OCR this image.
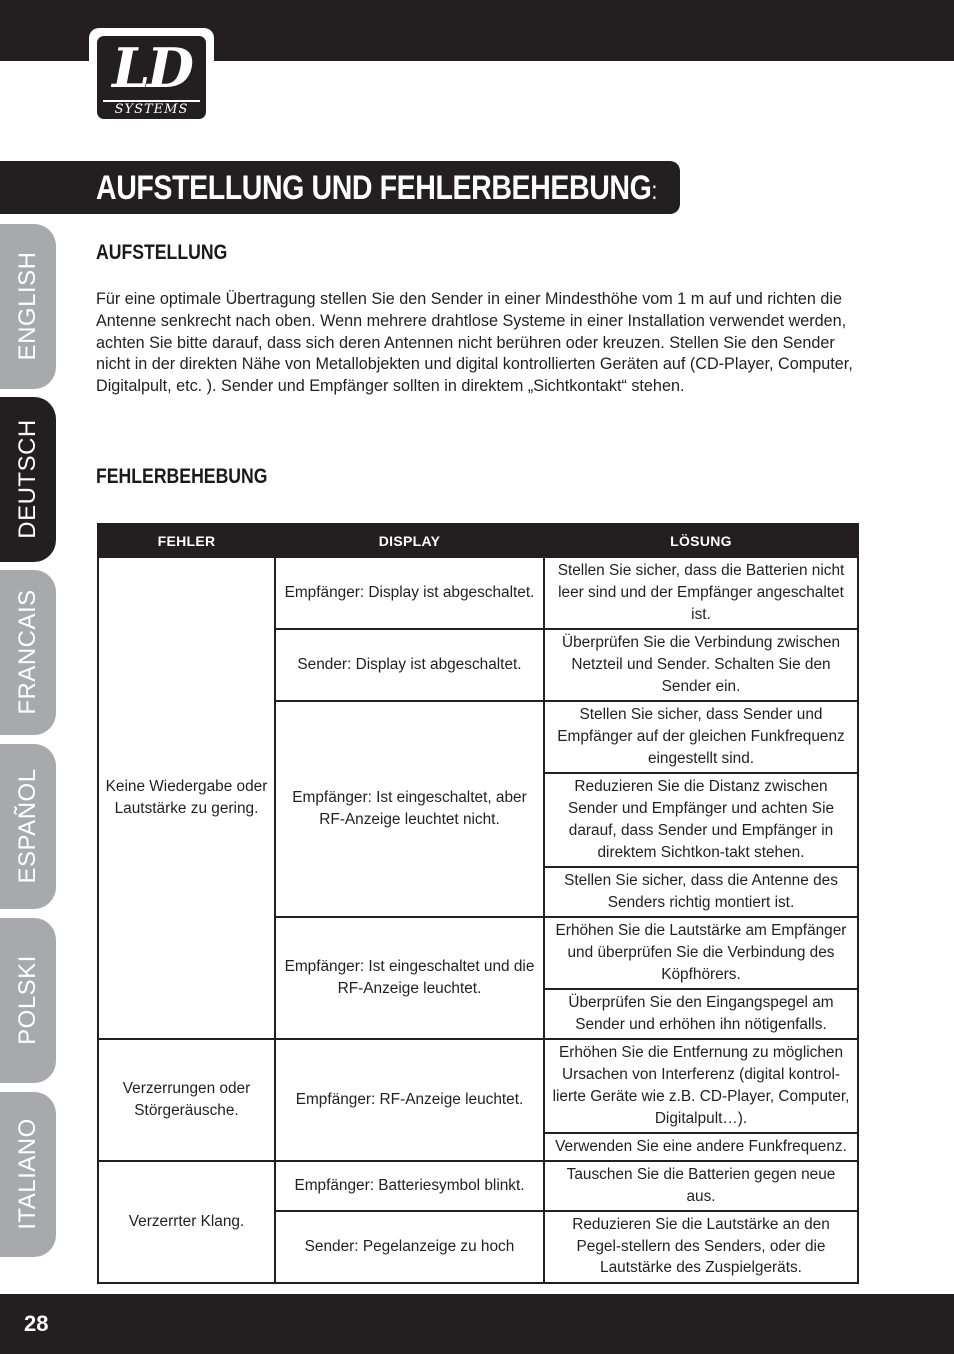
LD
SYSTEMS
AUFSTELLUNG UND FEHLERBEHEBUNG:
ENGLISH
DEUTSCH
FRANCAIS
ESPAÑOL
POLSKI
ITALIANO
AUFSTELLUNG

Für eine optimale Übertragung stellen Sie den Sender in einer Mindesthöhe vom 1 m auf und richten die Antenne senkrecht nach oben. Wenn mehrere drahtlose Systeme in einer Installation verwendet werden, achten Sie bitte darauf, dass sich deren Antennen nicht berühren oder kreuzen. Stellen Sie den Sender nicht in der direkten Nähe von Metallobjekten und digital kontrollierten Geräten auf (CD-Player, Computer, Digitalpult, etc. ). Sender und Empfänger sollten in direktem „Sichtkontakt“ stehen.

FEHLERBEHEBUNG
FEHLER	DISPLAY	LÖSUNG
Keine Wiedergabe oder Lautstärke zu gering.	Empfänger: Display ist abgeschaltet.	Stellen Sie sicher, dass die Batterien nicht leer sind und der Empfänger angeschaltet ist.
	Sender: Display ist abgeschaltet.	Überprüfen Sie die Verbindung zwischen Netzteil und Sender. Schalten Sie den Sender ein.
	Empfänger: Ist eingeschaltet, aber RF-Anzeige leuchtet nicht.	Stellen Sie sicher, dass Sender und Empfänger auf der gleichen Funkfrequenz eingestellt sind.
		Reduzieren Sie die Distanz zwischen Sender und Empfänger und achten Sie darauf, dass Sender und Empfänger in direktem Sichtkon-takt stehen.
		Stellen Sie sicher, dass die Antenne des Senders richtig montiert ist.
	Empfänger: Ist eingeschaltet und die RF-Anzeige leuchtet.	Erhöhen Sie die Lautstärke am Empfänger und überprüfen Sie die Verbindung des Köpfhörers.
		Überprüfen Sie den Eingangspegel am Sender und erhöhen ihn nötigenfalls.
Verzerrungen oder Störgeräusche.	Empfänger: RF-Anzeige leuchtet.	Erhöhen Sie die Entfernung zu möglichen Ursachen von Interferenz (digital kontrol-lierte Geräte wie z.B. CD-Player, Computer, Digitalpult…).
		Verwenden Sie eine andere Funkfrequenz.
Verzerrter Klang.	Empfänger: Batteriesymbol blinkt.	Tauschen Sie die Batterien gegen neue aus.
	Sender: Pegelanzeige zu hoch	Reduzieren Sie die Lautstärke an den Pegel-stellern des Senders, oder die Lautstärke des Zuspielgeräts.
28
